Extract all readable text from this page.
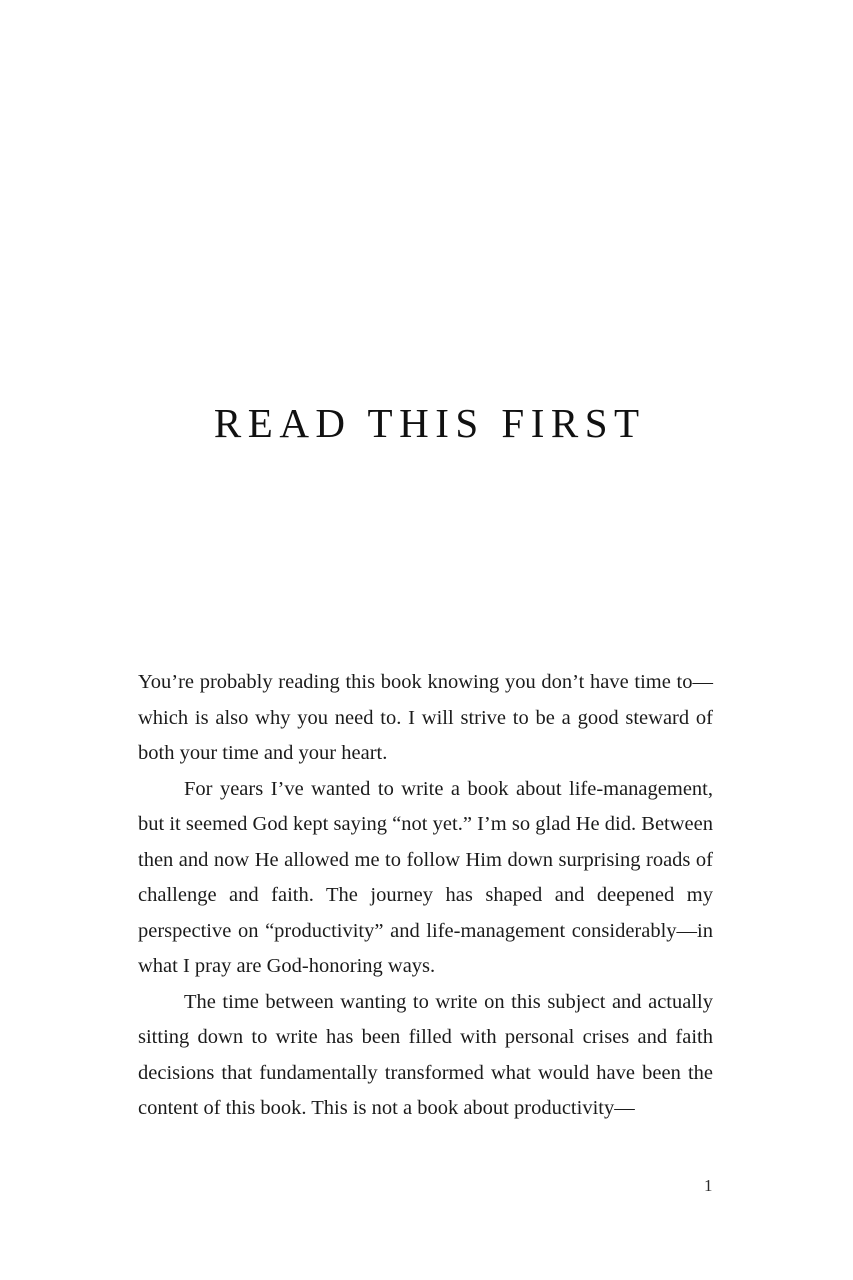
READ THIS FIRST

You’re probably reading this book knowing you don’t have time to—which is also why you need to. I will strive to be a good steward of both your time and your heart.

For years I’ve wanted to write a book about life-management, but it seemed God kept saying “not yet.” I’m so glad He did. Between then and now He allowed me to follow Him down surprising roads of challenge and faith. The journey has shaped and deepened my perspective on “productivity” and life-management considerably—in what I pray are God-honoring ways.

The time between wanting to write on this subject and actually sitting down to write has been filled with personal crises and faith decisions that fundamentally transformed what would have been the content of this book. This is not a book about productivity—

1
